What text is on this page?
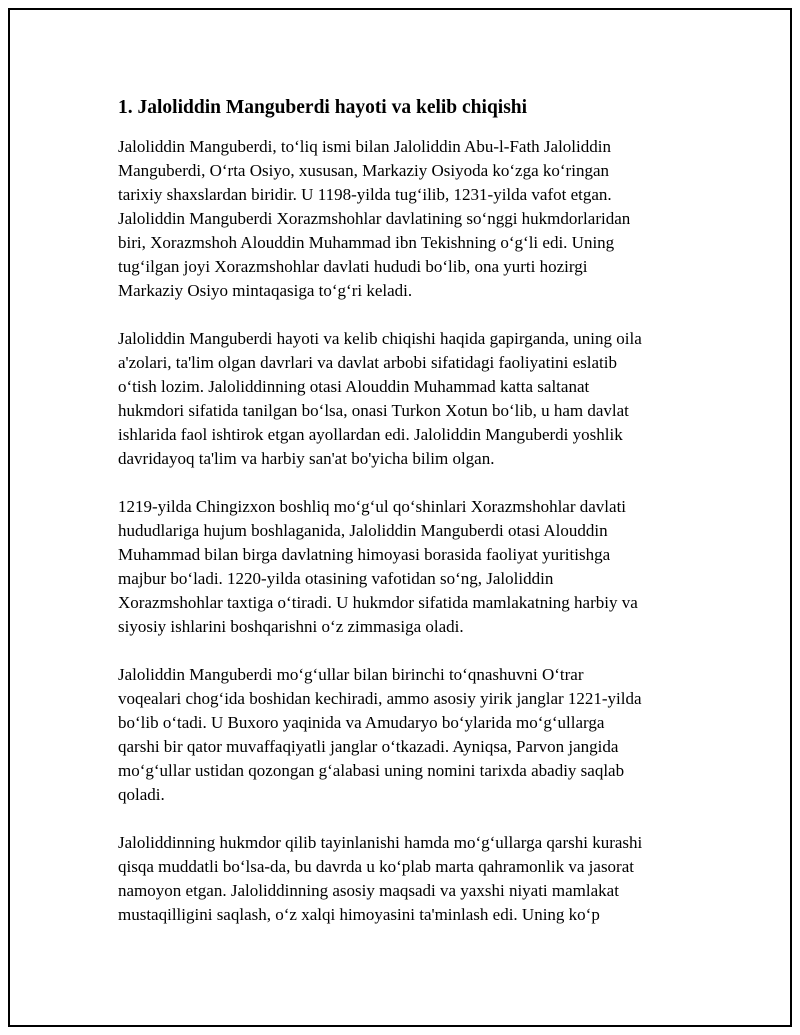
1. Jaloliddin Manguberdi hayoti va kelib chiqishi
Jaloliddin Manguberdi, to‘liq ismi bilan Jaloliddin Abu-l-Fath Jaloliddin
Manguberdi, O‘rta Osiyo, xususan, Markaziy Osiyoda ko‘zga ko‘ringan
tarixiy shaxslardan biridir. U 1198-yilda tug‘ilib, 1231-yilda vafot etgan.
Jaloliddin Manguberdi Xorazmshohlar davlatining so‘nggi hukmdorlaridan
biri, Xorazmshoh Alouddin Muhammad ibn Tekishning o‘g‘li edi. Uning
tug‘ilgan joyi Xorazmshohlar davlati hududi bo‘lib, ona yurti hozirgi
Markaziy Osiyo mintaqasiga to‘g‘ri keladi.
Jaloliddin Manguberdi hayoti va kelib chiqishi haqida gapirganda, uning oila
a'zolari, ta'lim olgan davrlari va davlat arbobi sifatidagi faoliyatini eslatib
o‘tish lozim. Jaloliddinning otasi Alouddin Muhammad katta saltanat
hukmdori sifatida tanilgan bo‘lsa, onasi Turkon Xotun bo‘lib, u ham davlat
ishlarida faol ishtirok etgan ayollardan edi. Jaloliddin Manguberdi yoshlik
davridayoq ta'lim va harbiy san'at bo'yicha bilim olgan.
1219-yilda Chingizxon boshliq mo‘g‘ul qo‘shinlari Xorazmshohlar davlati
hududlariga hujum boshlaganida, Jaloliddin Manguberdi otasi Alouddin
Muhammad bilan birga davlatning himoyasi borasida faoliyat yuritishga
majbur bo‘ladi. 1220-yilda otasining vafotidan so‘ng, Jaloliddin
Xorazmshohlar taxtiga o‘tiradi. U hukmdor sifatida mamlakatning harbiy va
siyosiy ishlarini boshqarishni o‘z zimmasiga oladi.
Jaloliddin Manguberdi mo‘g‘ullar bilan birinchi to‘qnashuvni O‘trar
voqealari chog‘ida boshidan kechiradi, ammo asosiy yirik janglar 1221-yilda
bo‘lib o‘tadi. U Buxoro yaqinida va Amudaryo bo‘ylarida mo‘g‘ullarga
qarshi bir qator muvaffaqiyatli janglar o‘tkazadi. Ayniqsa, Parvon jangida
mo‘g‘ullar ustidan qozongan g‘alabasi uning nomini tarixda abadiy saqlab
qoladi.
Jaloliddinning hukmdor qilib tayinlanishi hamda mo‘g‘ullarga qarshi kurashi
qisqa muddatli bo‘lsa-da, bu davrda u ko‘plab marta qahramonlik va jasorat
namoyon etgan. Jaloliddinning asosiy maqsadi va yaxshi niyati mamlakat
mustaqilligini saqlash, o‘z xalqi himoyasini ta'minlash edi. Uning ko‘p
